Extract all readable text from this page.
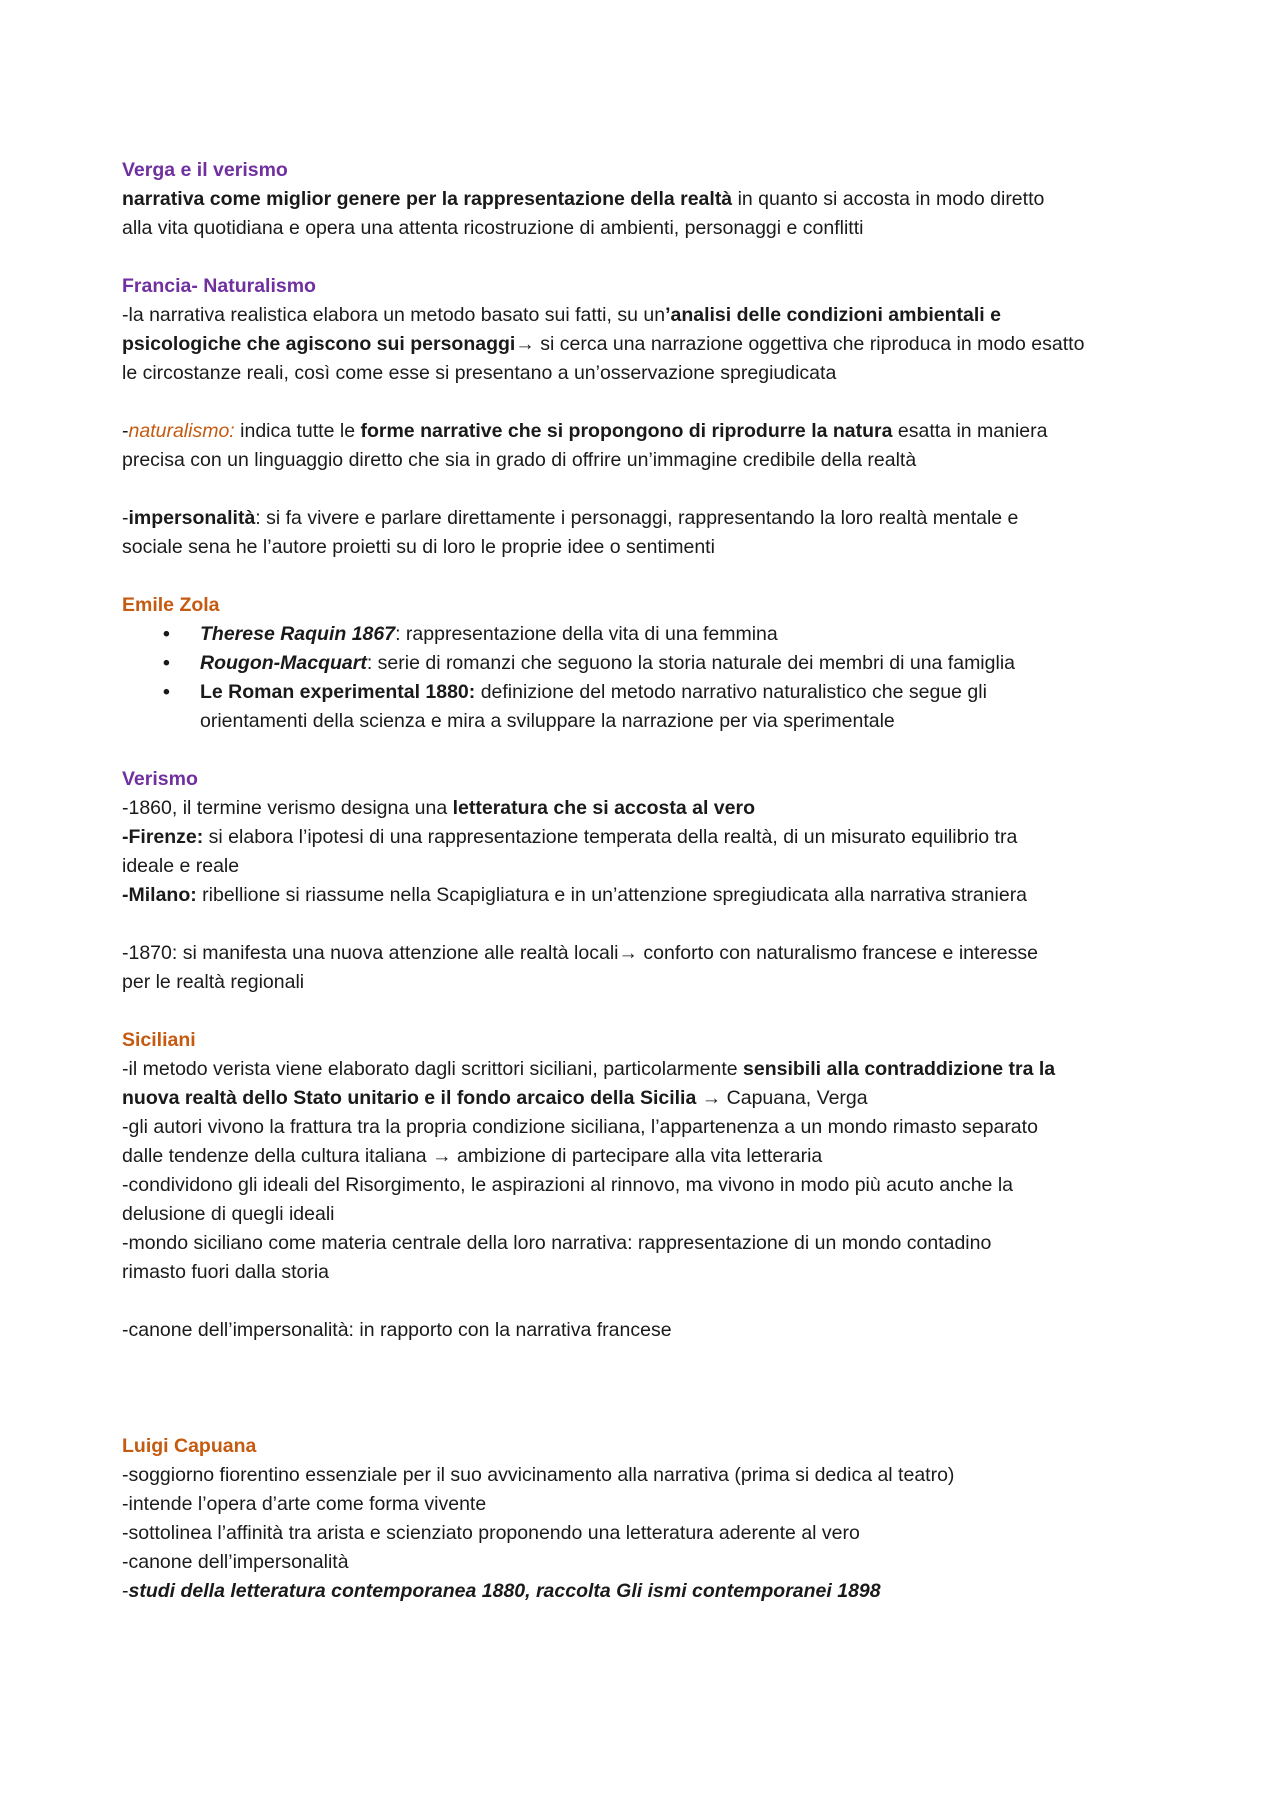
Verga e il verismo
narrativa come miglior genere per la rappresentazione della realtà in quanto si accosta in modo diretto
alla vita quotidiana e opera una attenta ricostruzione di ambienti, personaggi e conflitti
Francia- Naturalismo
-la narrativa realistica elabora un metodo basato sui fatti, su un’analisi delle condizioni ambientali e
psicologiche che agiscono sui personaggi→ si cerca una narrazione oggettiva che riproduca in modo esatto
le circostanze reali, così come esse si presentano a un’osservazione spregiudicata
-naturalismo: indica tutte le forme narrative che si propongono di riprodurre la natura esatta in maniera
precisa con un linguaggio diretto che sia in grado di offrire un’immagine credibile della realtà
-impersonalità: si fa vivere e parlare direttamente i personaggi, rappresentando la loro realtà mentale e
sociale sena he l’autore proietti su di loro le proprie idee o sentimenti
Emile Zola
• Therese Raquin 1867: rappresentazione della vita di una femmina
• Rougon-Macquart: serie di romanzi che seguono la storia naturale dei membri di una famiglia
• Le Roman experimental 1880: definizione del metodo narrativo naturalistico che segue gli
orientamenti della scienza e mira a sviluppare la narrazione per via sperimentale
Verismo
-1860, il termine verismo designa una letteratura che si accosta al vero
-Firenze: si elabora l’ipotesi di una rappresentazione temperata della realtà, di un misurato equilibrio tra
ideale e reale
-Milano: ribellione si riassume nella Scapigliatura e in un’attenzione spregiudicata alla narrativa straniera
-1870: si manifesta una nuova attenzione alle realtà locali→ conforto con naturalismo francese e interesse
per le realtà regionali
Siciliani
-il metodo verista viene elaborato dagli scrittori siciliani, particolarmente sensibili alla contraddizione tra la
nuova realtà dello Stato unitario e il fondo arcaico della Sicilia → Capuana, Verga
-gli autori vivono la frattura tra la propria condizione siciliana, l’appartenenza a un mondo rimasto separato
dalle tendenze della cultura italiana → ambizione di partecipare alla vita letteraria
-condividono gli ideali del Risorgimento, le aspirazioni al rinnovo, ma vivono in modo più acuto anche la
delusione di quegli ideali
-mondo siciliano come materia centrale della loro narrativa: rappresentazione di un mondo contadino
rimasto fuori dalla storia
-canone dell’impersonalità: in rapporto con la narrativa francese
Luigi Capuana
-soggiorno fiorentino essenziale per il suo avvicinamento alla narrativa (prima si dedica al teatro)
-intende l’opera d’arte come forma vivente
-sottolinea l’affinità tra arista e scienziato proponendo una letteratura aderente al vero
-canone dell’impersonalità
-studi della letteratura contemporanea 1880, raccolta Gli ismi contemporanei 1898
